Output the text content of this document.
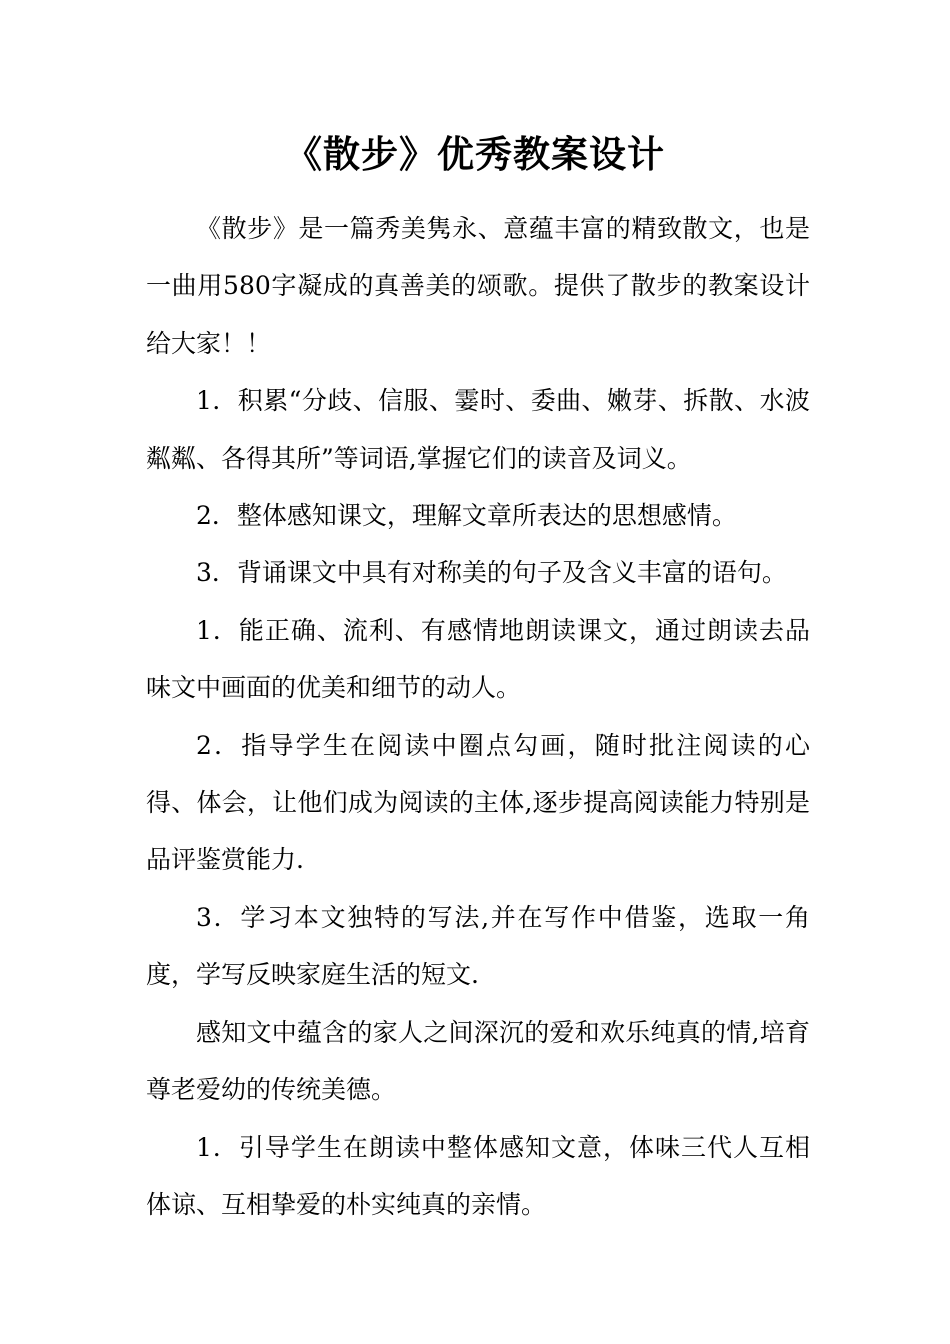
《散步》优秀教案设计

《散步》是一篇秀美隽永、意蕴丰富的精致散文，也是一曲用580字凝成的真善美的颂歌。提供了散步的教案设计给大家！！

1．积累“分歧、信服、霎时、委曲、嫩芽、拆散、水波粼粼、各得其所”等词语,掌握它们的读音及词义。

2．整体感知课文，理解文章所表达的思想感情。

3．背诵课文中具有对称美的句子及含义丰富的语句。

1．能正确、流利、有感情地朗读课文，通过朗读去品味文中画面的优美和细节的动人。

2．指导学生在阅读中圈点勾画，随时批注阅读的心得、体会，让他们成为阅读的主体,逐步提高阅读能力特别是品评鉴赏能力.

3．学习本文独特的写法,并在写作中借鉴，选取一角度，学写反映家庭生活的短文.

感知文中蕴含的家人之间深沉的爱和欢乐纯真的情,培育尊老爱幼的传统美德。

1．引导学生在朗读中整体感知文意，体味三代人互相体谅、互相挚爱的朴实纯真的亲情。
